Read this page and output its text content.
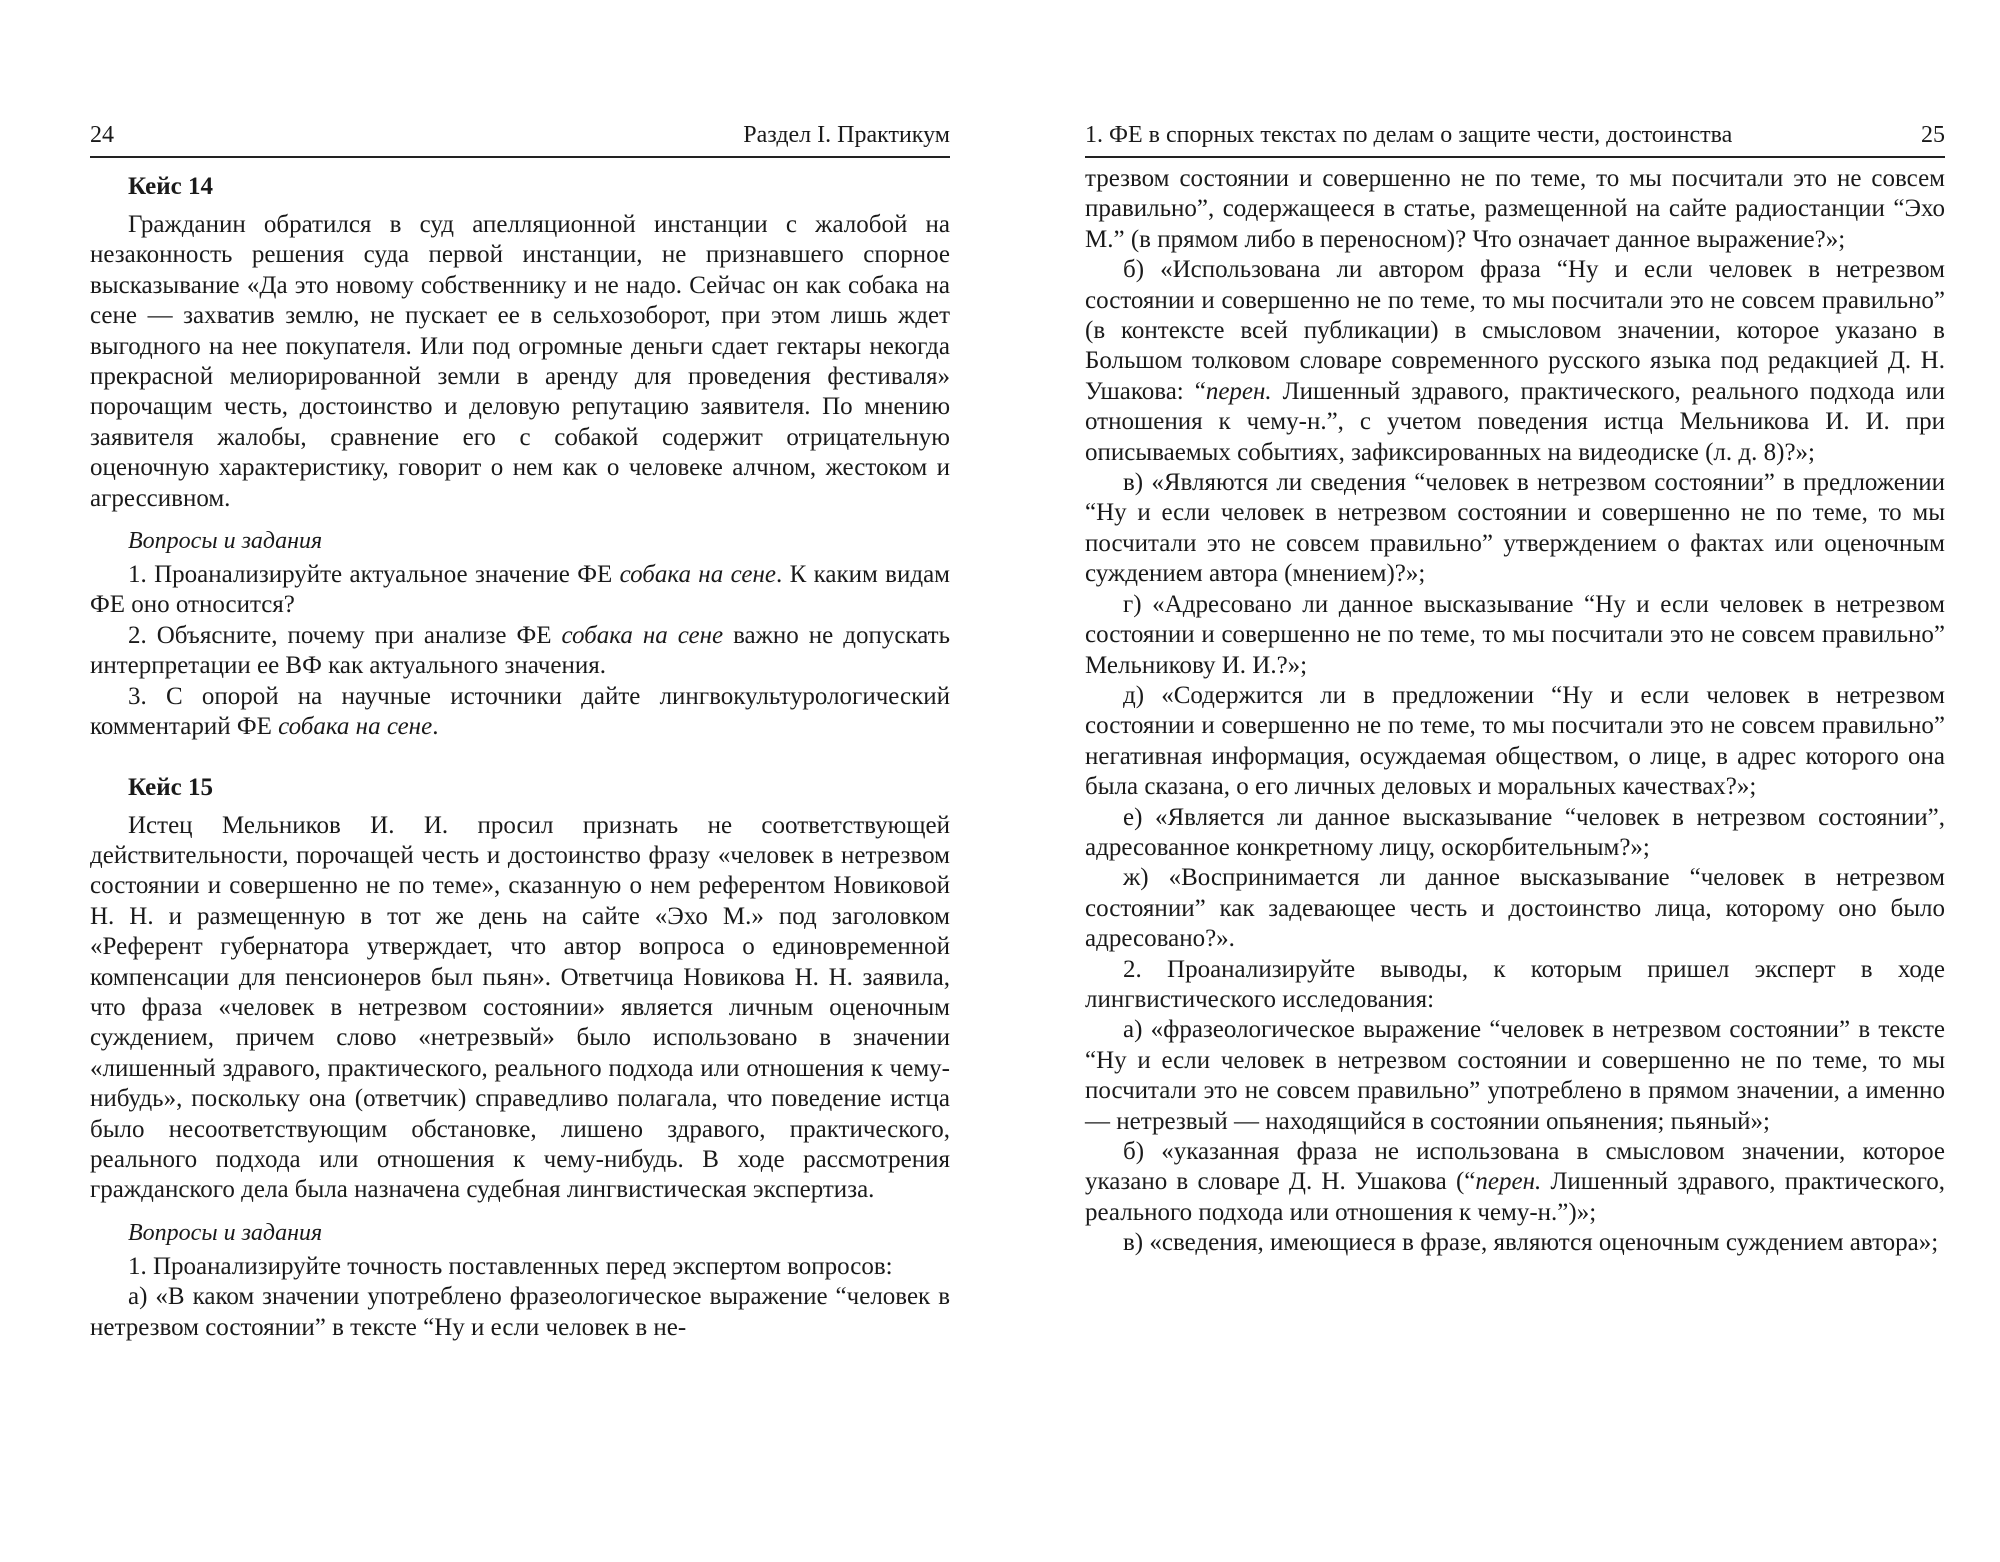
24	Раздел I. Практикум
Кейс 14

Гражданин обратился в суд апелляционной инстанции с жалобой на незаконность решения суда первой инстанции, не признавшего спорное высказывание «Да это новому собственнику и не надо. Сейчас он как собака на сене — захватив землю, не пускает ее в сельхозоборот, при этом лишь ждет выгодного на нее покупателя. Или под огромные деньги сдает гектары некогда прекрасной мелиорированной земли в аренду для проведения фестиваля» порочащим честь, достоинство и деловую репутацию заявителя. По мнению заявителя жалобы, сравнение его с собакой содержит отрицательную оценочную характеристику, говорит о нем как о человеке алчном, жестоком и агрессивном.

Вопросы и задания

1. Проанализируйте актуальное значение ФЕ собака на сене. К каким видам ФЕ оно относится?

2. Объясните, почему при анализе ФЕ собака на сене важно не допускать интерпретации ее ВФ как актуального значения.

3. С опорой на научные источники дайте лингвокультурологический комментарий ФЕ собака на сене.

Кейс 15

Истец Мельников И. И. просил признать не соответствующей действительности, порочащей честь и достоинство фразу «человек в нетрезвом состоянии и совершенно не по теме», сказанную о нем референтом Новиковой Н. Н. и размещенную в тот же день на сайте «Эхо М.» под заголовком «Референт губернатора утверждает, что автор вопроса о единовременной компенсации для пенсионеров был пьян». Ответчица Новикова Н. Н. заявила, что фраза «человек в нетрезвом состоянии» является личным оценочным суждением, причем слово «нетрезвый» было использовано в значении «лишенный здравого, практического, реального подхода или отношения к чему-нибудь», поскольку она (ответчик) справедливо полагала, что поведение истца было несоответствующим обстановке, лишено здравого, практического, реального подхода или отношения к чему-нибудь. В ходе рассмотрения гражданского дела была назначена судебная лингвистическая экспертиза.

Вопросы и задания

1. Проанализируйте точность поставленных перед экспертом вопросов:

а) «В каком значении употреблено фразеологическое выражение “человек в нетрезвом состоянии” в тексте “Ну и если человек в не-

1. ФЕ в спорных текстах по делам о защите чести, достоинства	25

трезвом состоянии и совершенно не по теме, то мы посчитали это не совсем правильно”, содержащееся в статье, размещенной на сайте радиостанции “Эхо М.” (в прямом либо в переносном)? Что означает данное выражение?»;

б) «Использована ли автором фраза “Ну и если человек в нетрезвом состоянии и совершенно не по теме, то мы посчитали это не совсем правильно” (в контексте всей публикации) в смысловом значении, которое указано в Большом толковом словаре современного русского языка под редакцией Д. Н. Ушакова: “перен. Лишенный здравого, практического, реального подхода или отношения к чему-н.”, с учетом поведения истца Мельникова И. И. при описываемых событиях, зафиксированных на видеодиске (л. д. 8)?»;

в) «Являются ли сведения “человек в нетрезвом состоянии” в предложении “Ну и если человек в нетрезвом состоянии и совершенно не по теме, то мы посчитали это не совсем правильно” утверждением о фактах или оценочным суждением автора (мнением)?»;

г) «Адресовано ли данное высказывание “Ну и если человек в нетрезвом состоянии и совершенно не по теме, то мы посчитали это не совсем правильно” Мельникову И. И.?»;

д) «Содержится ли в предложении “Ну и если человек в нетрезвом состоянии и совершенно не по теме, то мы посчитали это не совсем правильно” негативная информация, осуждаемая обществом, о лице, в адрес которого она была сказана, о его личных деловых и моральных качествах?»;

е) «Является ли данное высказывание “человек в нетрезвом состоянии”, адресованное конкретному лицу, оскорбительным?»;

ж) «Воспринимается ли данное высказывание “человек в нетрезвом состоянии” как задевающее честь и достоинство лица, которому оно было адресовано?».

2. Проанализируйте выводы, к которым пришел эксперт в ходе лингвистического исследования:

а) «фразеологическое выражение “человек в нетрезвом состоянии” в тексте “Ну и если человек в нетрезвом состоянии и совершенно не по теме, то мы посчитали это не совсем правильно” употреблено в прямом значении, а именно — нетрезвый — находящийся в состоянии опьянения; пьяный»;

б) «указанная фраза не использована в смысловом значении, которое указано в словаре Д. Н. Ушакова (“перен. Лишенный здравого, практического, реального подхода или отношения к чему-н.”)»;

в) «сведения, имеющиеся в фразе, являются оценочным суждением автора»;
